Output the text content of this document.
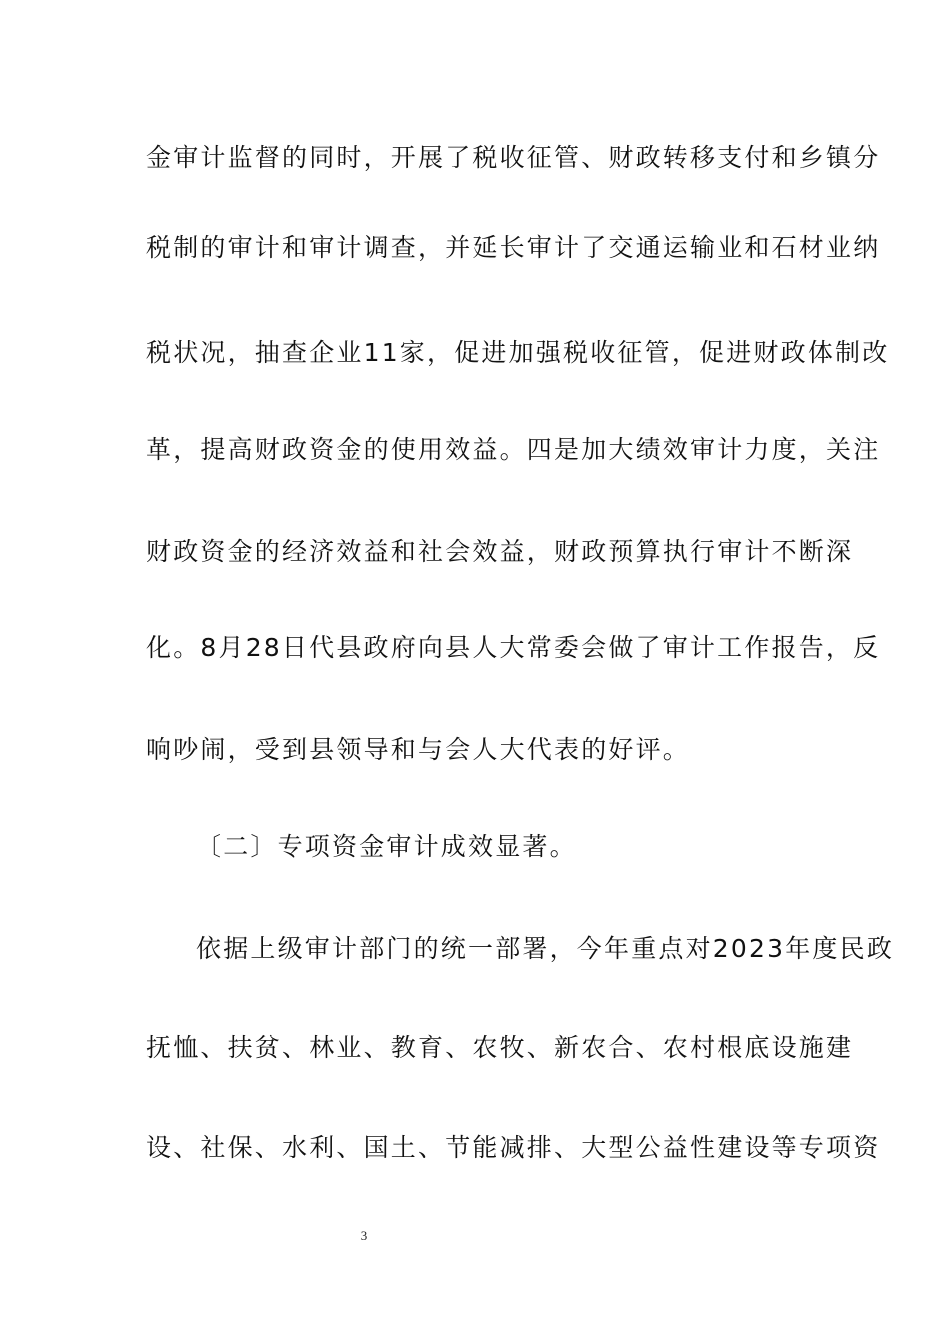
金审计监督的同时，开展了税收征管、财政转移支付和乡镇分
税制的审计和审计调查，并延长审计了交通运输业和石材业纳
税状况，抽查企业11家，促进加强税收征管，促进财政体制改
革，提高财政资金的使用效益。四是加大绩效审计力度，关注
财政资金的经济效益和社会效益，财政预算执行审计不断深
化。8月28日代县政府向县人大常委会做了审计工作报告，反
响吵闹，受到县领导和与会人大代表的好评。
〔二〕专项资金审计成效显著。
依据上级审计部门的统一部署，今年重点对2023年度民政
抚恤、扶贫、林业、教育、农牧、新农合、农村根底设施建
设、社保、水利、国土、节能减排、大型公益性建设等专项资
3
